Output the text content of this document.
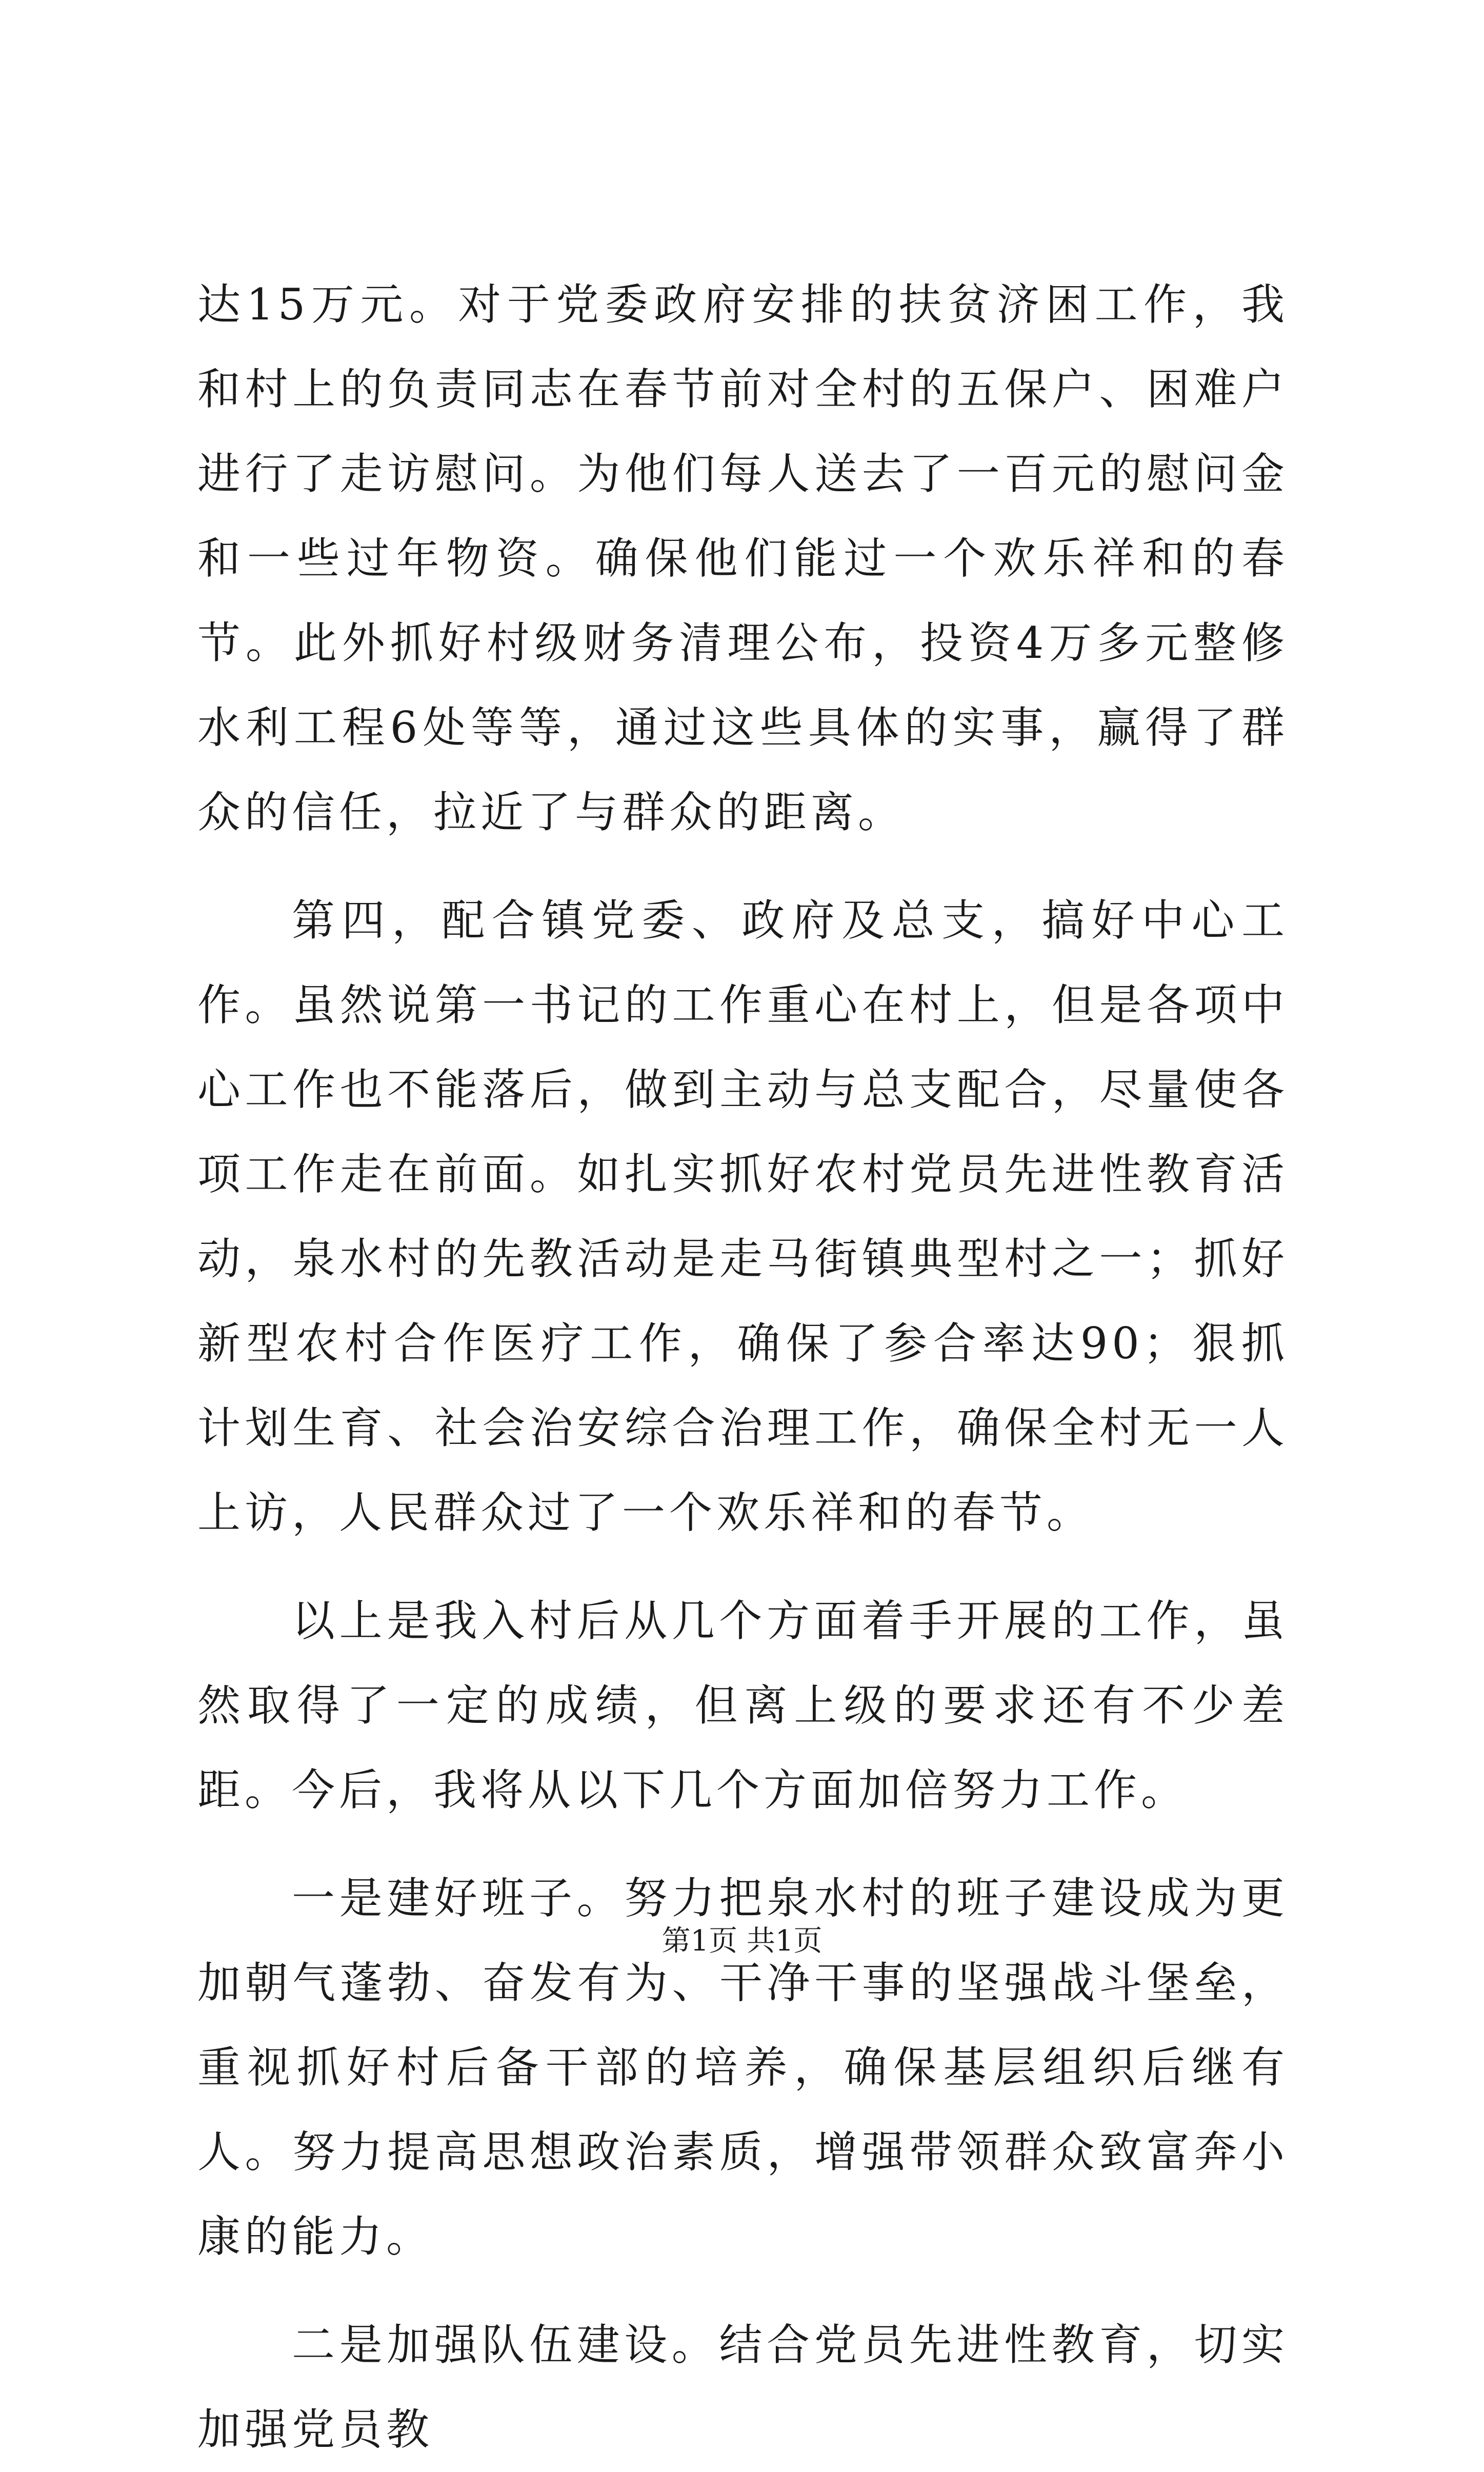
达15万元。对于党委政府安排的扶贫济困工作，我和村上的负责同志在春节前对全村的五保户、困难户进行了走访慰问。为他们每人送去了一百元的慰问金和一些过年物资。确保他们能过一个欢乐祥和的春节。此外抓好村级财务清理公布，投资4万多元整修水利工程6处等等，通过这些具体的实事，赢得了群众的信任，拉近了与群众的距离。

第四，配合镇党委、政府及总支，搞好中心工作。虽然说第一书记的工作重心在村上，但是各项中心工作也不能落后，做到主动与总支配合，尽量使各项工作走在前面。如扎实抓好农村党员先进性教育活动，泉水村的先教活动是走马街镇典型村之一；抓好新型农村合作医疗工作，确保了参合率达90；狠抓计划生育、社会治安综合治理工作，确保全村无一人上访，人民群众过了一个欢乐祥和的春节。

以上是我入村后从几个方面着手开展的工作，虽然取得了一定的成绩，但离上级的要求还有不少差距。今后，我将从以下几个方面加倍努力工作。

一是建好班子。努力把泉水村的班子建设成为更加朝气蓬勃、奋发有为、干净干事的坚强战斗堡垒，重视抓好村后备干部的培养，确保基层组织后继有人。努力提高思想政治素质，增强带领群众致富奔小康的能力。

二是加强队伍建设。结合党员先进性教育，切实加强党员教

第1页 共1页
